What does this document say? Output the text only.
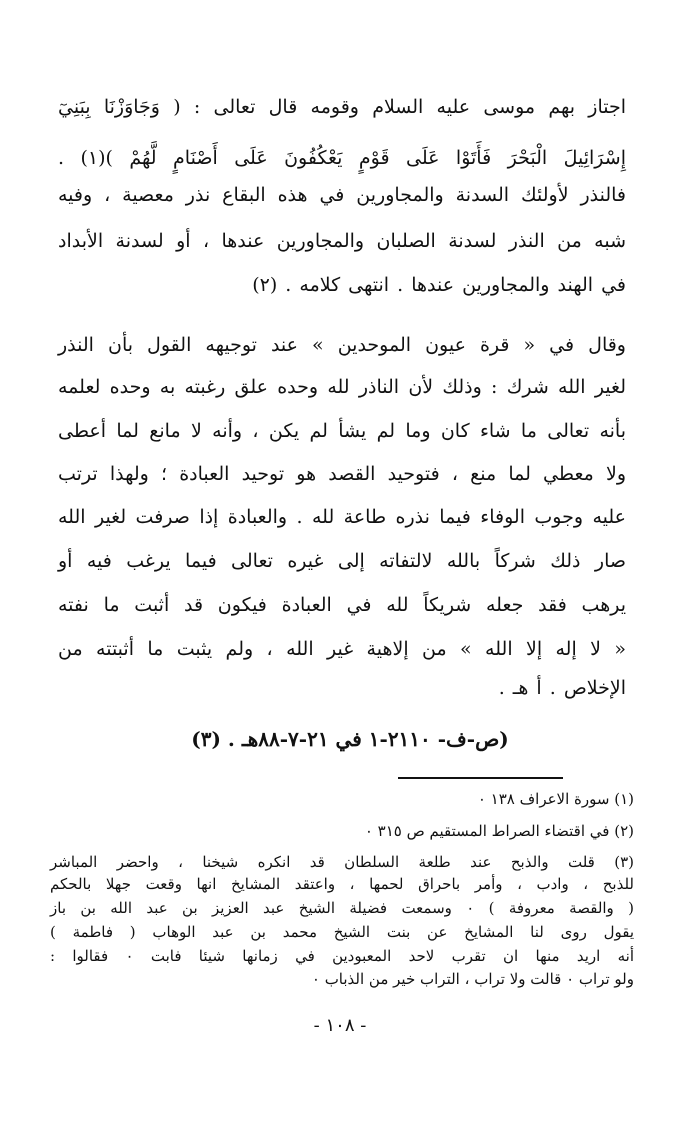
اجتاز بهم موسى عليه السلام وقومه قال تعالى : ( وَجَاوَزْنَا بِبَنِيٓ
إِسْرَائِيلَ الْبَحْرَ فَأَتَوْا عَلَى قَوْمٍ يَعْكُفُونَ عَلَى أَصْنَامٍ لَّهُمْ )(١) .
فالنذر لأولئك السدنة والمجاورين في هذه البقاع نذر معصية ، وفيه
شبه من النذر لسدنة الصلبان والمجاورين عندها ، أو لسدنة الأبداد
في الهند والمجاورين عندها . انتهى كلامه . (٢)
وقال في « قرة عيون الموحدين » عند توجيهه القول بأن النذر
لغير الله شرك : وذلك لأن الناذر لله وحده علق رغبته به وحده لعلمه
بأنه تعالى ما شاء كان وما لم يشأ لم يكن ، وأنه لا مانع لما أعطى
ولا معطي لما منع ، فتوحيد القصد هو توحيد العبادة ؛ ولهذا ترتب
عليه وجوب الوفاء فيما نذره طاعة لله . والعبادة إذا صرفت لغير الله
صار ذلك شركاً بالله لالتفاته إلى غيره تعالى فيما يرغب فيه أو
يرهب فقد جعله شريكاً لله في العبادة فيكون قد أثبت ما نفته
« لا إله إلا الله » من إلاهية غير الله ، ولم يثبت ما أثبتته من
الإخلاص . أ هـ .
(ص-ف- ٢١١٠-١ في ٢١-٧-٨٨هـ . (٣)
(١) سورة الاعراف ١٣٨ ٠
(٢) في اقتضاء الصراط المستقيم ص ٣١٥ ٠
(٣) قلت والذبح عند طلعة السلطان قد انكره شيخنا ، واحضر المباشر
للذبح ، وادب ، وأمر باحراق لحمها ، واعتقد المشايخ انها وقعت جهلا بالحكم
( والقصة معروفة ) ٠ وسمعت فضيلة الشيخ عبد العزيز بن عبد الله بن باز
يقول روى لنا المشايخ عن بنت الشيخ محمد بن عبد الوهاب ( فاطمة )
أنه اريد منها ان تقرب لاحد المعبودين في زمانها شيئا فابت ٠ فقالوا :
ولو تراب ٠ قالت ولا تراب ، التراب خير من الذباب ٠
- ١٠٨ -
